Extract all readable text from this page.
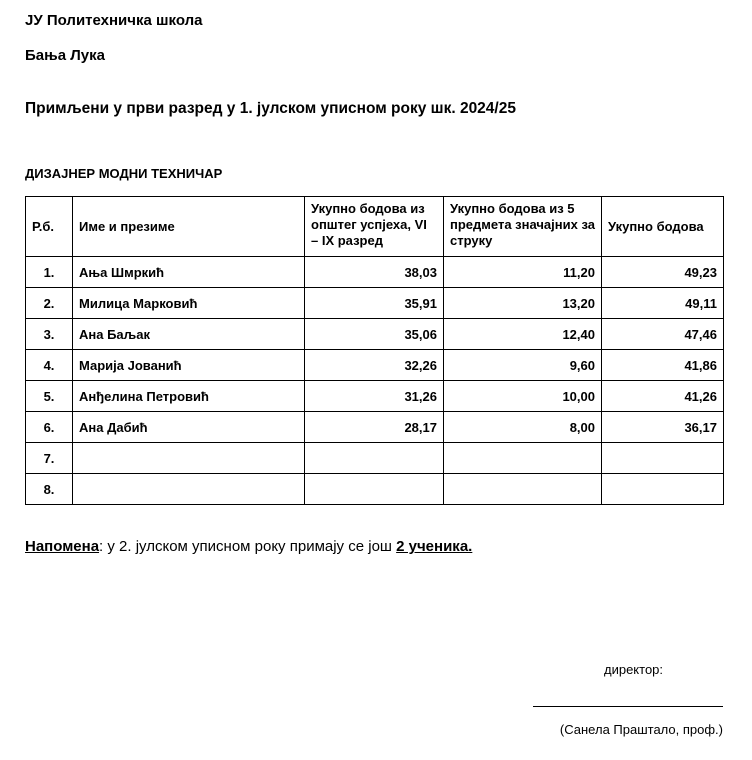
ЈУ Политехничка школа
Бања Лука
Примљени у први разред у 1. јулском уписном року шк. 2024/25
ДИЗАЈНЕР МОДНИ ТЕХНИЧАР
Р.б.	Име и презиме	Укупно бодова из општег успјеха, VI – IX разред	Укупно бодова из 5 предмета значајних за струку	Укупно бодова
1.	Ања Шмркић	38,03	11,20	49,23
2.	Милица Марковић	35,91	13,20	49,11
3.	Ана Баљак	35,06	12,40	47,46
4.	Марија Јованић	32,26	9,60	41,86
5.	Анђелина Петровић	31,26	10,00	41,26
6.	Ана Дабић	28,17	8,00	36,17
7.				
8.				
Напомена: у 2. јулском уписном року примају се још 2 ученика.
директор:
(Санела Праштало, проф.)
